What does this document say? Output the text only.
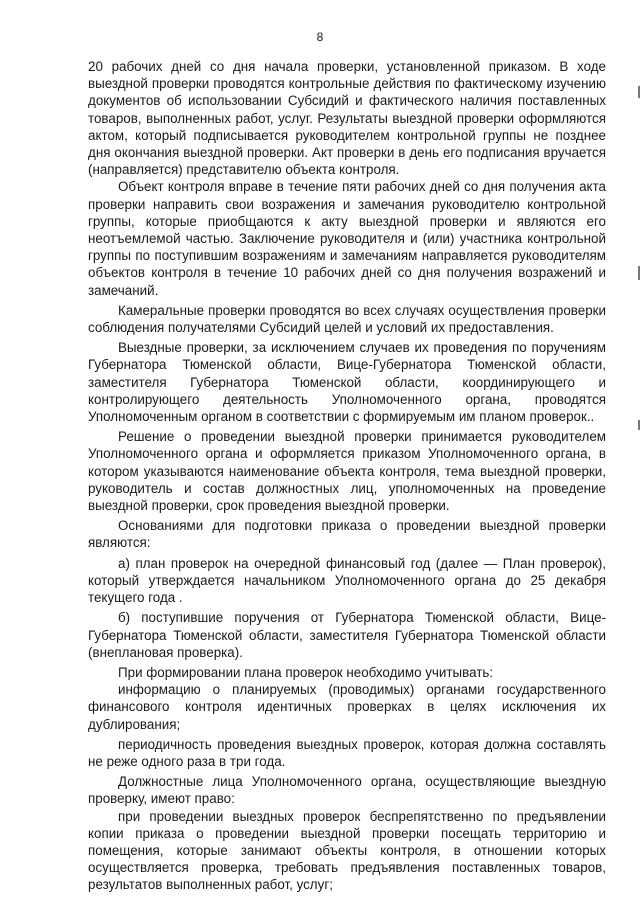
8

20 рабочих дней со дня начала проверки, установленной приказом. В ходе выездной проверки проводятся контрольные действия по фактическому изучению документов об использовании Субсидий и фактического наличия поставленных товаров, выполненных работ, услуг. Результаты выездной проверки оформляются актом, который подписывается руководителем контрольной группы не позднее дня окончания выездной проверки. Акт проверки в день его подписания вручается (направляется) представителю объекта контроля.

Объект контроля вправе в течение пяти рабочих дней со дня получения акта проверки направить свои возражения и замечания руководителю контрольной группы, которые приобщаются к акту выездной проверки и являются его неотъемлемой частью. Заключение руководителя и (или) участника контрольной группы по поступившим возражениям и замечаниям направляется руководителям объектов контроля в течение 10 рабочих дней со дня получения возражений и замечаний.

Камеральные проверки проводятся во всех случаях осуществления проверки соблюдения получателями Субсидий целей и условий их предоставления.

Выездные проверки, за исключением случаев их проведения по поручениям Губернатора Тюменской области, Вице-Губернатора Тюменской области, заместителя Губернатора Тюменской области, координирующего и контролирующего деятельность Уполномоченного органа, проводятся Уполномоченным органом в соответствии с формируемым им планом проверок..

Решение о проведении выездной проверки принимается руководителем Уполномоченного органа и оформляется приказом Уполномоченного органа, в котором указываются наименование объекта контроля, тема выездной проверки, руководитель и состав должностных лиц, уполномоченных на проведение выездной проверки, срок проведения выездной проверки.

Основаниями для подготовки приказа о проведении выездной проверки являются:

а) план проверок на очередной финансовый год (далее — План проверок), который утверждается начальником Уполномоченного органа до 25 декабря текущего года .

б) поступившие поручения от Губернатора Тюменской области, Вице-Губернатора Тюменской области, заместителя Губернатора Тюменской области (внеплановая проверка).

При формировании плана проверок необходимо учитывать:

информацию о планируемых (проводимых) органами государственного финансового контроля идентичных проверках в целях исключения их дублирования;

периодичность проведения выездных проверок, которая должна составлять не реже одного раза в три года.

Должностные лица Уполномоченного органа, осуществляющие выездную проверку, имеют право:

при проведении выездных проверок беспрепятственно по предъявлении копии приказа о проведении выездной проверки посещать территорию и помещения, которые занимают объекты контроля, в отношении которых осуществляется проверка, требовать предъявления поставленных товаров, результатов выполненных работ, услуг;
